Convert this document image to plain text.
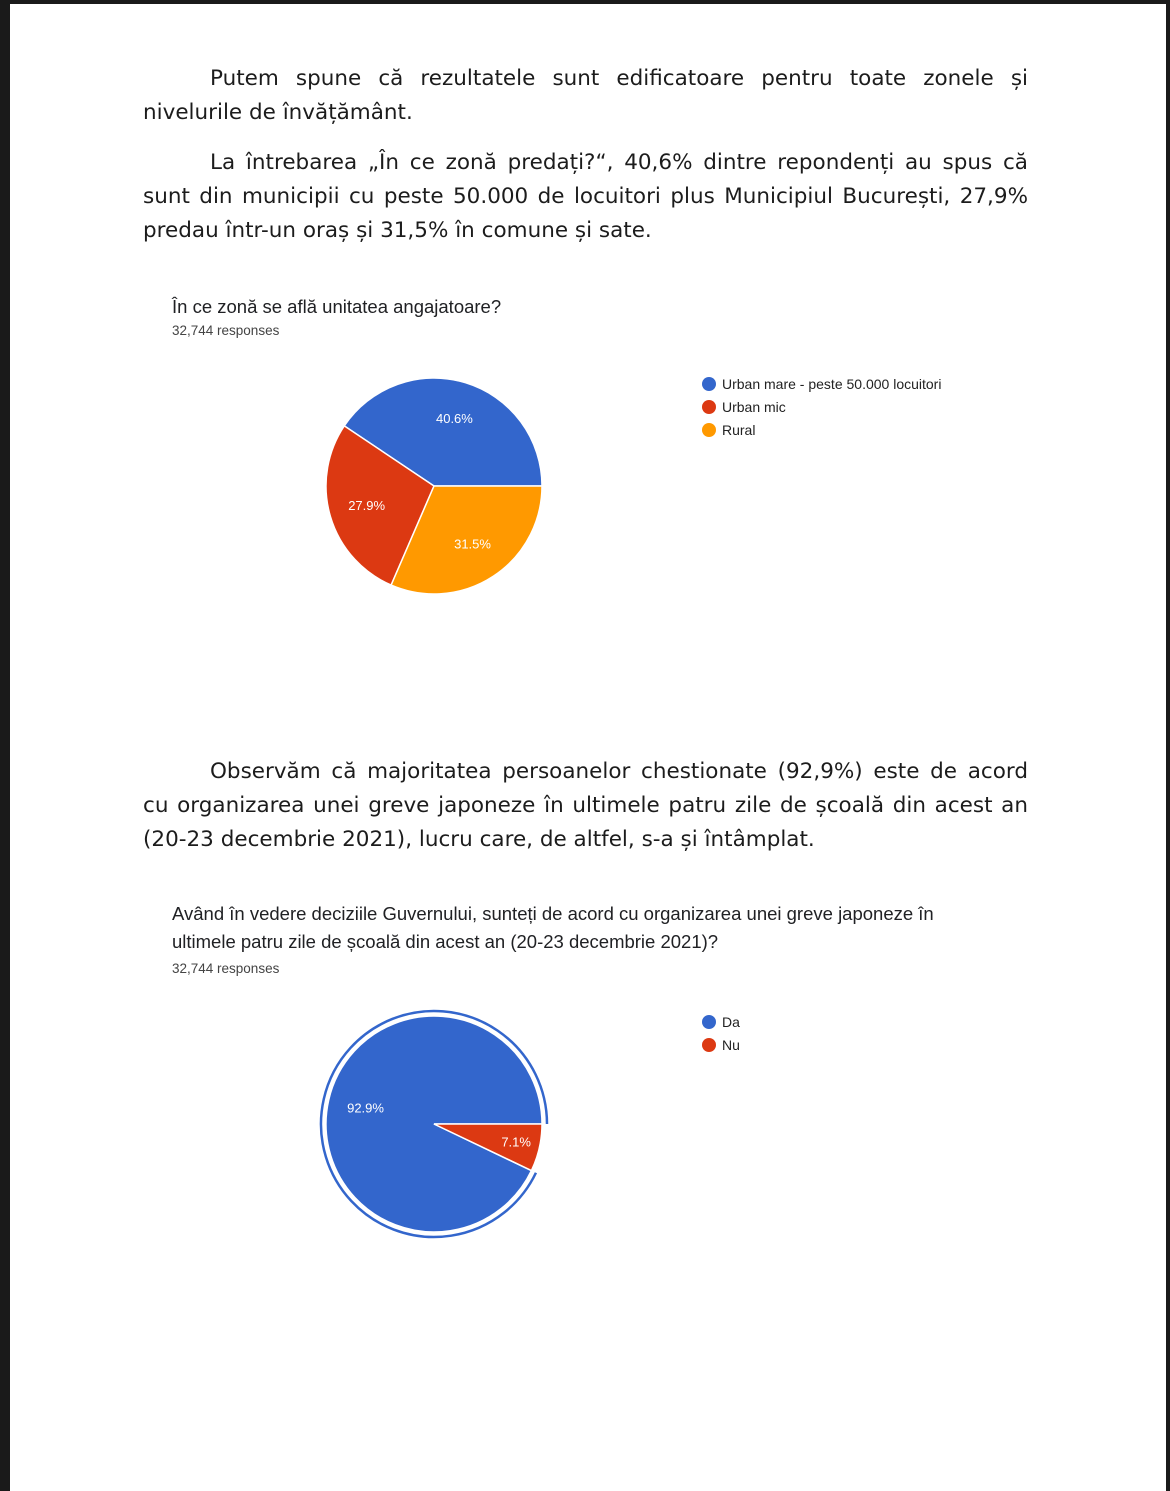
Putem spune că rezultatele sunt edificatoare pentru toate zonele și nivelurile de învățământ.

La întrebarea „În ce zonă predați?“, 40,6% dintre repondenți au spus că sunt din municipii cu peste 50.000 de locuitori plus Municipiul București, 27,9% predau într-un oraș și 31,5% în comune și sate.

În ce zonă se află unitatea angajatoare?
32,744 responses
40.6%
27.9%
31.5%
Urban mare - peste 50.000 locuitori
Urban mic
Rural

Observăm că majoritatea persoanelor chestionate (92,9%) este de acord cu organizarea unei greve japoneze în ultimele patru zile de școală din acest an (20-23 decembrie 2021), lucru care, de altfel, s-a și întâmplat.

Având în vedere deciziile Guvernului, sunteți de acord cu organizarea unei greve japoneze în ultimele patru zile de școală din acest an (20-23 decembrie 2021)?
32,744 responses
92.9%
7.1%
Da
Nu
